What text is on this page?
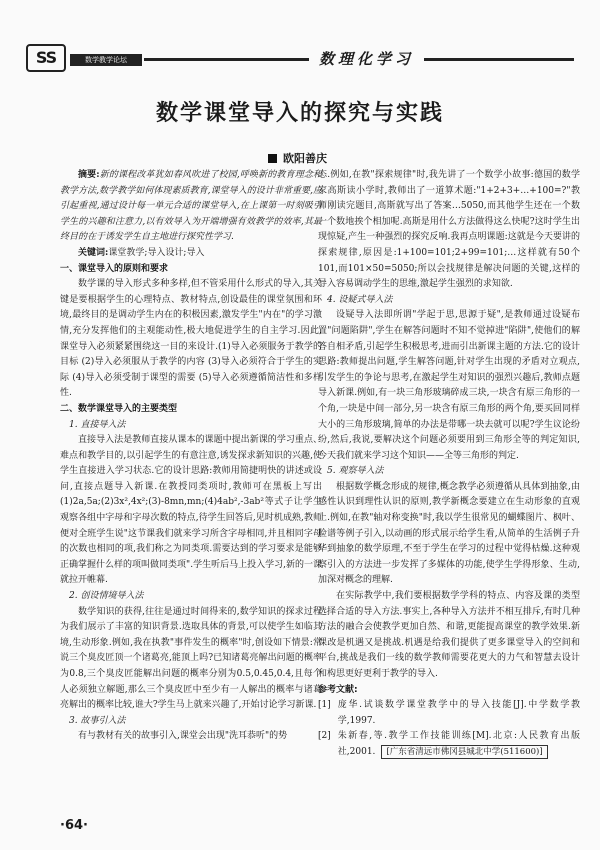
SS	数学教学论坛	数理化学习
数学课堂导入的探究与实践
欧阳善庆

摘要:新的课程改革犹如春风吹进了校园,呼唤新的教育理念和教学方法,数学教学如何体现素质教育,课堂导入的设计非常重要,应引起重视,通过设计每一单元合适的课堂导入,在上课第一时刻吸引学生的兴趣和注意力,以有效导入为开端增强有效教学的效率,其最终目的在于诱发学生自主地进行探究性学习.

关键词:课堂教学;导入设计;导入

一、课堂导入的原则和要求

数学课的导入形式多种多样,但不管采用什么形式的导入,其关键是要根据学生的心理特点、教材特点,创设最佳的课堂氛围和环境,最终目的是调动学生内在的积极因素,激发学生"内在"的学习激情,充分发挥他们的主观能动性,极大地促进学生的自主学习.因此,课堂导入必须紧紧围绕这一目的来设计.(1)导入必须服务于教学的目标 (2)导入必须服从于教学的内容 (3)导入必须符合于学生的实际 (4)导入必须受制于课型的需要 (5)导入必须遵循简洁性和多样性.

二、数学课堂导入的主要类型

1. 直接导入法

直接导入法是教师直接从课本的课题中提出新课的学习重点、难点和教学目的,以引起学生的有意注意,诱发探求新知识的兴趣,使学生直接进入学习状态.它的设计思路:教师用简捷明快的讲述或设问,直接点题导入新课.在教授同类项时,教师可在黑板上写出(1)2a,5a;(2)3x²,4x²;(3)-8mn,mn;(4)4ab²,-3ab²等式子让学生观察各组中字母和字母次数的特点,待学生回答后,见时机成熟,教师便对全班学生说"这节课我们就来学习所含字母相同,并且相同字母的次数也相同的项,我们称之为同类项.需要达到的学习要求是能够正确掌握什么样的项叫做同类项".学生听后马上投入学习,新的一课就拉开帷幕.

2. 创设情境导入法

数学知识的获得,往往是通过时间得来的,数学知识的探求过程为我们展示了丰富的知识背景.选取具体的背景,可以使学生如临其境,生动形象.例如,我在执教"事件发生的概率"时,创设如下情景:常说三个臭皮匠顶一个诸葛亮,能顶上吗?已知诸葛亮解出问题的概率为0.8,三个臭皮匠能解出问题的概率分别为0.5,0.45,0.4,且每个人必须独立解题,那么三个臭皮匠中至少有一人解出的概率与诸葛亮解出的概率比较,谁大?学生马上就来兴趣了,开始讨论学习新课.

3. 故事引入法

有与教材有关的故事引入,课堂会出现"洗耳恭听"的势

态.例如,在教"探索规律"时,我先讲了一个数学小故事:德国的数学家高斯读小学时,教师出了一道算术题:"1+2+3+…+100=?"教师刚读完题目,高斯就写出了答案…5050,而其他学生还在一个数一个数地挨个相加呢.高斯是用什么方法做得这么快呢?这时学生出现惊疑,产生一种强烈的探究反响.我再点明课题:这就是今天要讲的探索规律,原因是:1+100=101;2+99=101;…这样就有50个101,而101×50=5050;所以会找规律是解决问题的关键,这样的导入容易调动学生的思维,激起学生强烈的求知欲.

4. 设疑式导入法

设疑导入法即所谓"学起于思,思源于疑",是教师通过设疑布置"问题陷阱",学生在解答问题时不知不觉掉进"陷阱",使他们的解答自相矛盾,引起学生积极思考,进而引出新课主题的方法.它的设计思路:教师提出问题,学生解答问题,针对学生出现的矛盾对立观点,引发学生的争论与思考,在激起学生对知识的强烈兴趣后,教师点题导入新课.例如,有一块三角形玻璃碎成三块,一块含有原三角形的一个角,一块是中间一部分,另一块含有原三角形的两个角,要买回同样大小的三角形玻璃,简单的办法是带哪一块去就可以呢?学生议论纷纷,然后,我说,要解决这个问题必须要用到三角形全等的判定知识,今天我们就来学习这个知识——全等三角形的判定.

5. 观察导入法

根据数学概念形成的规律,概念教学必须遵循从具体到抽象,由感性认识到理性认识的原则,教学新概念要建立在生动形象的直观上.例如,在教"轴对称变换"时,我以学生很常见的蝴蝶图片、枫叶、脸谱等例子引入,以动画的形式展示给学生看,从简单的生活例子升华到抽象的数学原理,不至于学生在学习的过程中觉得枯燥.这种观察引入的方法进一步发挥了多媒体的功能,使学生学得形象、生动,加深对概念的理解.

在实际教学中,我们要根据数学学科的特点、内容及课的类型选择合适的导入方法.事实上,各种导入方法并不相互排斥,有时几种方法的融合会使教学更加自然、和谐,更能提高课堂的教学效果.新课改是机遇又是挑战.机遇是给我们提供了更多课堂导入的空间和平台,挑战是我们一线的数学教师需要花更大的力气和智慧去设计和构思更好更利于教学的导入.

参考文献:

[1] 庞华.试谈数学课堂教学中的导入技能[J].中学数学教学,1997.

[2] 朱新春,等.教学工作技能训练[M].北京:人民教育出版社,2001. [广东省清远市佛冈县城北中学(511600)]

·64·
